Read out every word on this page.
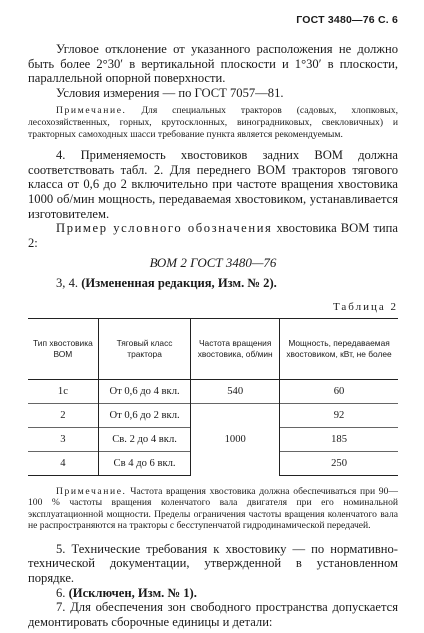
ГОСТ 3480—76 С. 6

Угловое отклонение от указанного расположения не должно быть более 2°30′ в вертикальной плоскости и 1°30′ в плоскости, параллельной опорной поверхности.

Условия измерения — по ГОСТ 7057—81.

Примечание. Для специальных тракторов (садовых, хлопковых, лесохозяйственных, горных, крутосклонных, виноградниковых, свекловичных) и тракторных самоходных шасси требование пункта является рекомендуемым.

4. Применяемость хвостовиков задних ВОМ должна соответствовать табл. 2. Для переднего ВОМ тракторов тягового класса от 0,6 до 2 включительно при частоте вращения хвостовика 1000 об/мин мощность, передаваемая хвостовиком, устанавливается изготовителем.

Пример условного обозначения хвостовика ВОМ типа 2:

ВОМ 2 ГОСТ 3480—76

3, 4. (Измененная редакция, Изм. № 2).

Таблица 2
Тип хвостовика ВОМ	Тяговый класс трактора	Частота вращения хвостовика, об/мин	Мощность, передаваемая хвостовиком, кВт, не более
1с	От 0,6 до 4 вкл.	540	60
2	От 0,6 до 2 вкл.	1000	92
3	Св. 2 до 4 вкл.		185
4	Св 4 до 6 вкл.		250

Примечание. Частота вращения хвостовика должна обеспечиваться при 90—100 % частоты вращения коленчатого вала двигателя при его номинальной эксплуатационной мощности. Пределы ограничения частоты вращения коленчатого вала не распространяются на тракторы с бесступенчатой гидродинамической передачей.

5. Технические требования к хвостовику — по нормативно-технической документации, утвержденной в установленном порядке.

6. (Исключен, Изм. № 1).

7. Для обеспечения зон свободного пространства допускается демонтировать сборочные единицы и детали:
